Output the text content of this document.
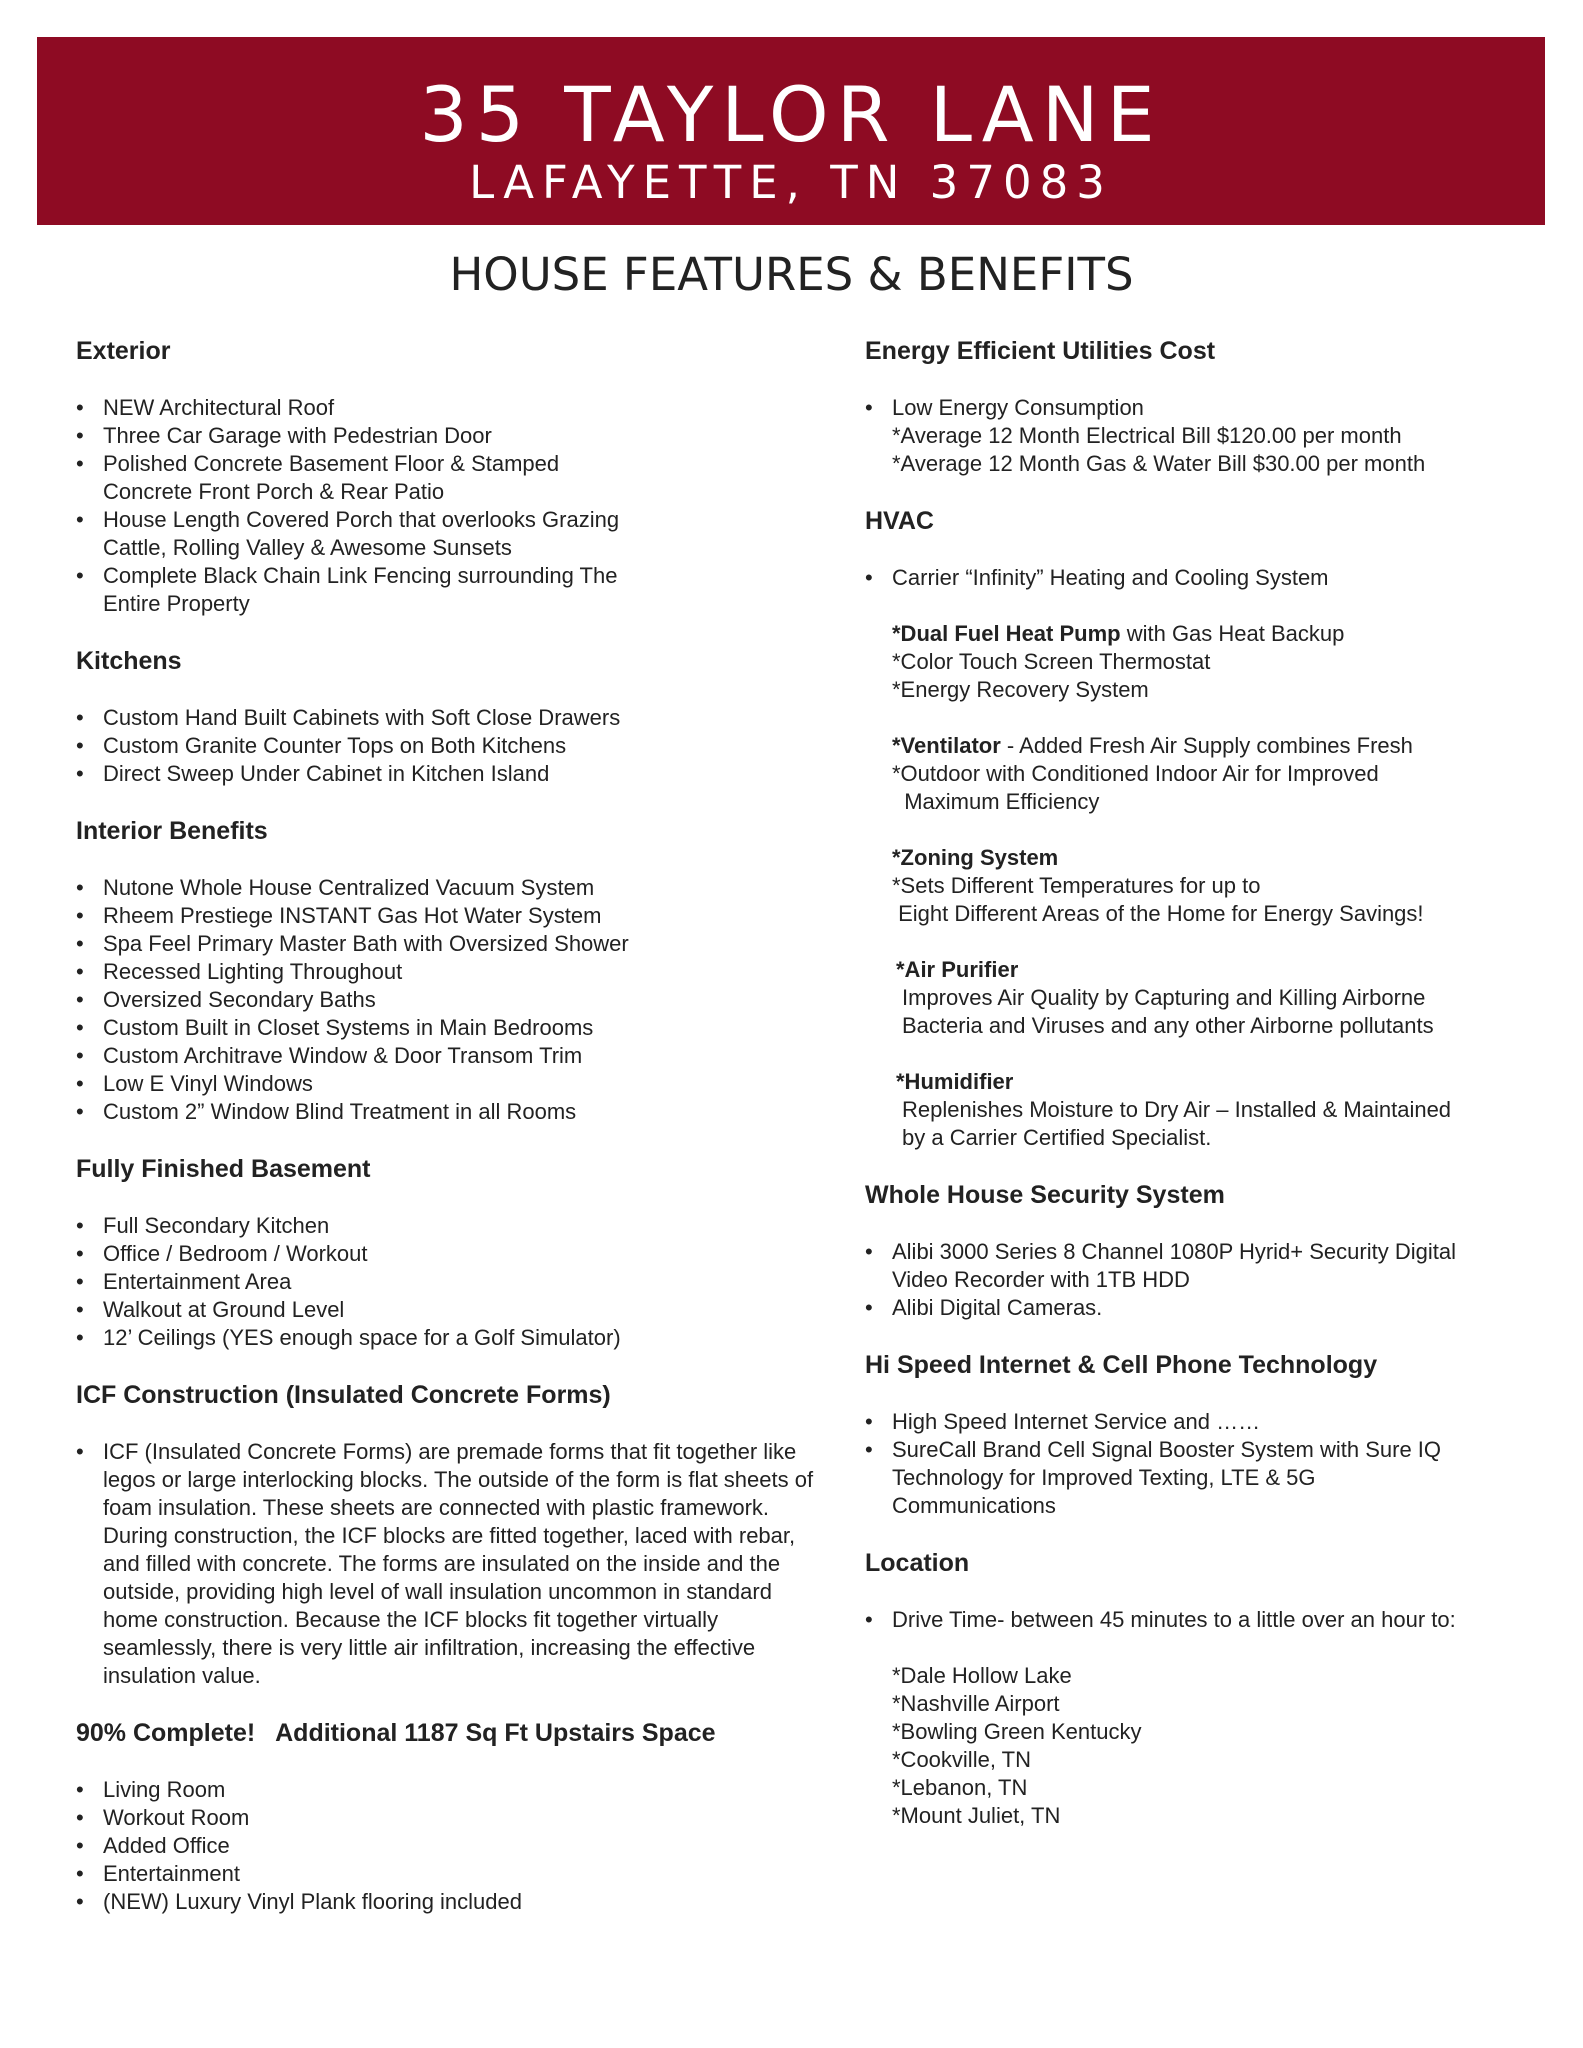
35 TAYLOR LANE
LAFAYETTE, TN 37083
HOUSE FEATURES & BENEFITS
Exterior
• NEW Architectural Roof
• Three Car Garage with Pedestrian Door
• Polished Concrete Basement Floor & Stamped Concrete Front Porch & Rear Patio
• House Length Covered Porch that overlooks Grazing Cattle, Rolling Valley & Awesome Sunsets
• Complete Black Chain Link Fencing surrounding The Entire Property
Kitchens
• Custom Hand Built Cabinets with Soft Close Drawers
• Custom Granite Counter Tops on Both Kitchens
• Direct Sweep Under Cabinet in Kitchen Island
Interior Benefits
• Nutone Whole House Centralized Vacuum System
• Rheem Prestiege INSTANT Gas Hot Water System
• Spa Feel Primary Master Bath with Oversized Shower
• Recessed Lighting Throughout
• Oversized Secondary Baths
• Custom Built in Closet Systems in Main Bedrooms
• Custom Architrave Window & Door Transom Trim
• Low E Vinyl Windows
• Custom 2” Window Blind Treatment in all Rooms
Fully Finished Basement
• Full Secondary Kitchen
• Office / Bedroom / Workout
• Entertainment Area
• Walkout at Ground Level
• 12’ Ceilings (YES enough space for a Golf Simulator)
ICF Construction (Insulated Concrete Forms)
• ICF (Insulated Concrete Forms) are premade forms that fit together like legos or large interlocking blocks. The outside of the form is flat sheets of foam insulation. These sheets are connected with plastic framework. During construction, the ICF blocks are fitted together, laced with rebar, and filled with concrete. The forms are insulated on the inside and the outside, providing high level of wall insulation uncommon in standard home construction. Because the ICF blocks fit together virtually seamlessly, there is very little air infiltration, increasing the effective insulation value.
90% Complete!   Additional 1187 Sq Ft Upstairs Space
• Living Room
• Workout Room
• Added Office
• Entertainment
• (NEW) Luxury Vinyl Plank flooring included
Energy Efficient Utilities Cost
• Low Energy Consumption
*Average 12 Month Electrical Bill $120.00 per month
*Average 12 Month Gas & Water Bill $30.00 per month
HVAC
• Carrier “Infinity” Heating and Cooling System
*Dual Fuel Heat Pump with Gas Heat Backup
*Color Touch Screen Thermostat
*Energy Recovery System
*Ventilator - Added Fresh Air Supply combines Fresh
*Outdoor with Conditioned Indoor Air for Improved
Maximum Efficiency
*Zoning System
*Sets Different Temperatures for up to
Eight Different Areas of the Home for Energy Savings!
*Air Purifier
Improves Air Quality by Capturing and Killing Airborne
Bacteria and Viruses and any other Airborne pollutants
*Humidifier
Replenishes Moisture to Dry Air – Installed & Maintained
by a Carrier Certified Specialist.
Whole House Security System
• Alibi 3000 Series 8 Channel 1080P Hyrid+ Security Digital Video Recorder with 1TB HDD
• Alibi Digital Cameras.
Hi Speed Internet & Cell Phone Technology
• High Speed Internet Service and ……
• SureCall Brand Cell Signal Booster System with Sure IQ Technology for Improved Texting, LTE & 5G Communications
Location
• Drive Time- between 45 minutes to a little over an hour to:
*Dale Hollow Lake
*Nashville Airport
*Bowling Green Kentucky
*Cookville, TN
*Lebanon, TN
*Mount Juliet, TN
